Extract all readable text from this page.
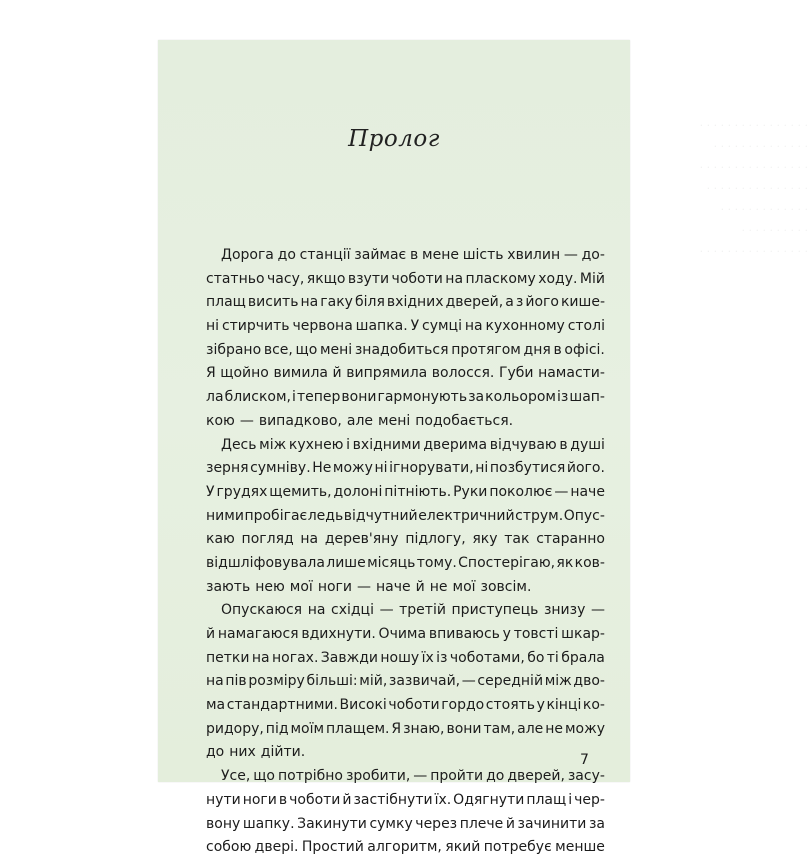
. . . . . . . . . . . . . . . .
. . . . . . . . . . . . . .
. . . . . . . . . . . . . . . .
. . . . . . . . . . . . . . .
. . . . . . . . . . . . .
. . . . . . . . . .
. . . . . . . . . . . . . . . .
Пролог
Дорога до станції займає в мене шість хвилин — до-
статньо часу, якщо взути чоботи на пласкому ходу. Мій
плащ висить на гаку біля вхідних дверей, а з його кише-
ні стирчить червона шапка. У сумці на кухонному столі
зібрано все, що мені знадобиться протягом дня в офісі.
Я щойно вимила й випрямила волосся. Губи намасти-
ла блиском, і тепер вони гармонують за кольором із шап-
кою — випадково, але мені подобається.
Десь між кухнею і вхідними дверима відчуваю в душі
зерня сумніву. Не можу ні ігнорувати, ні позбутися його.
У грудях щемить, долоні пітніють. Руки поколює — наче
ними пробігає ледь відчутний електричний струм. Опус-
каю погляд на дерев'яну підлогу, яку так старанно
відшліфовувала лише місяць тому. Спостерігаю, як ков-
зають нею мої ноги — наче й не мої зовсім.
Опускаюся на східці — третій приступець знизу —
й намагаюся вдихнути. Очима впиваюсь у товсті шкар-
петки на ногах. Завжди ношу їх із чоботами, бо ті брала
на пів розміру більші: мій, зазвичай, — середній між дво-
ма стандартними. Високі чоботи гордо стоять у кінці ко-
ридору, під моїм плащем. Я знаю, вони там, але не можу
до них дійти.
Усе, що потрібно зробити, — пройти до дверей, засу-
нути ноги в чоботи й застібнути їх. Одягнути плащ і чер-
вону шапку. Закинути сумку через плече й зачинити за
собою двері. Простий алгоритм, який потребує менше
7
